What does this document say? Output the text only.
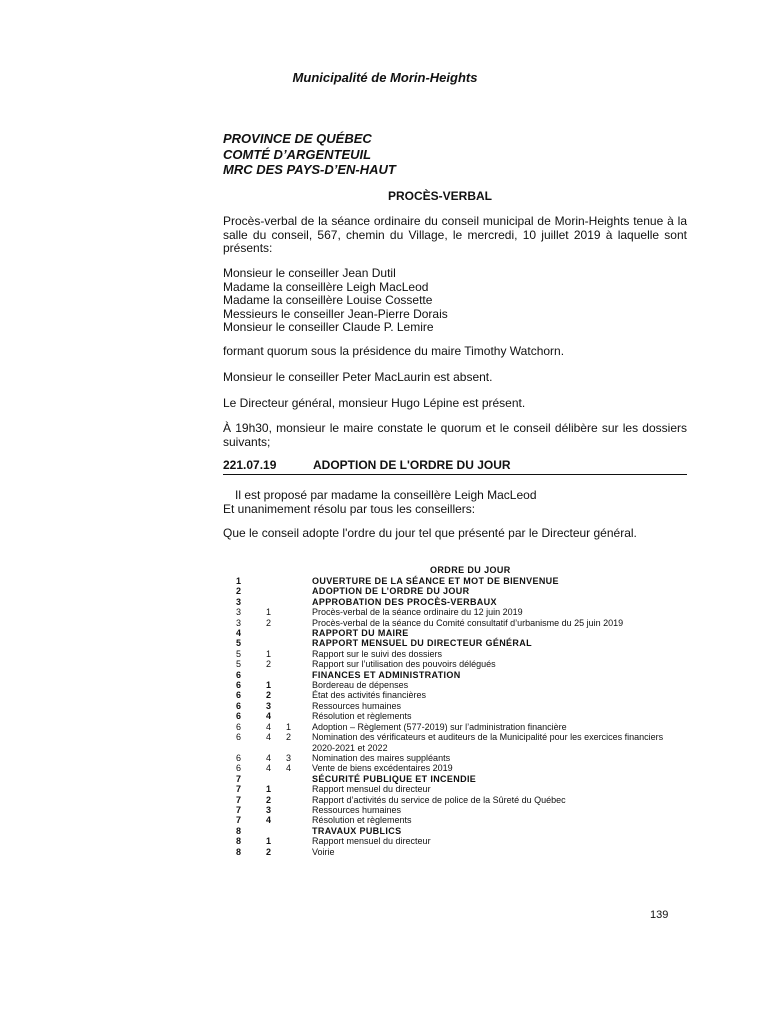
Municipalité de Morin-Heights
PROVINCE DE QUÉBEC
COMTÉ D’ARGENTEUIL
MRC DES PAYS-D’EN-HAUT
PROCÈS-VERBAL
Procès-verbal de la séance ordinaire du conseil municipal de Morin-Heights tenue à la salle du conseil, 567, chemin du Village, le mercredi, 10 juillet 2019 à laquelle sont présents:
Monsieur le conseiller Jean Dutil
Madame la conseillère Leigh MacLeod
Madame la conseillère Louise Cossette
Messieurs le conseiller Jean-Pierre Dorais
Monsieur le conseiller Claude P. Lemire
formant quorum sous la présidence du maire Timothy Watchorn.
Monsieur le conseiller Peter MacLaurin est absent.
Le Directeur général, monsieur Hugo Lépine est présent.
À 19h30, monsieur le maire constate le quorum et le conseil délibère sur les dossiers suivants;
221.07.19	ADOPTION DE L'ORDRE DU JOUR
Il est proposé par madame la conseillère Leigh MacLeod
Et unanimement résolu par tous les conseillers:
Que le conseil adopte l'ordre du jour tel que présenté par le Directeur général.
ORDRE DU JOUR
1	OUVERTURE DE LA SÉANCE ET MOT DE BIENVENUE
2	ADOPTION DE L’ORDRE DU JOUR
3	APPROBATION DES PROCÈS-VERBAUX
3	1	Procès-verbal de la séance ordinaire du 12 juin 2019
3	2	Procès-verbal de la séance du Comité consultatif d’urbanisme du 25 juin 2019
4	RAPPORT DU MAIRE
5	RAPPORT MENSUEL DU DIRECTEUR GÉNÉRAL
5	1	Rapport sur le suivi des dossiers
5	2	Rapport sur l’utilisation des pouvoirs délégués
6	FINANCES ET ADMINISTRATION
6	1	Bordereau de dépenses
6	2	État des activités financières
6	3	Ressources humaines
6	4	Résolution et règlements
6	4	1	Adoption – Règlement (577-2019) sur l’administration financière
6	4	2	Nomination des vérificateurs et auditeurs de la Municipalité pour les exercices financiers 2020-2021 et 2022
6	4	3	Nomination des maires suppléants
6	4	4	Vente de biens excédentaires 2019
7	SÉCURITÉ PUBLIQUE ET INCENDIE
7	1	Rapport mensuel du directeur
7	2	Rapport d’activités du service de police de la Sûreté du Québec
7	3	Ressources humaines
7	4	Résolution et règlements
8	TRAVAUX PUBLICS
8	1	Rapport mensuel du directeur
8	2	Voirie
139
